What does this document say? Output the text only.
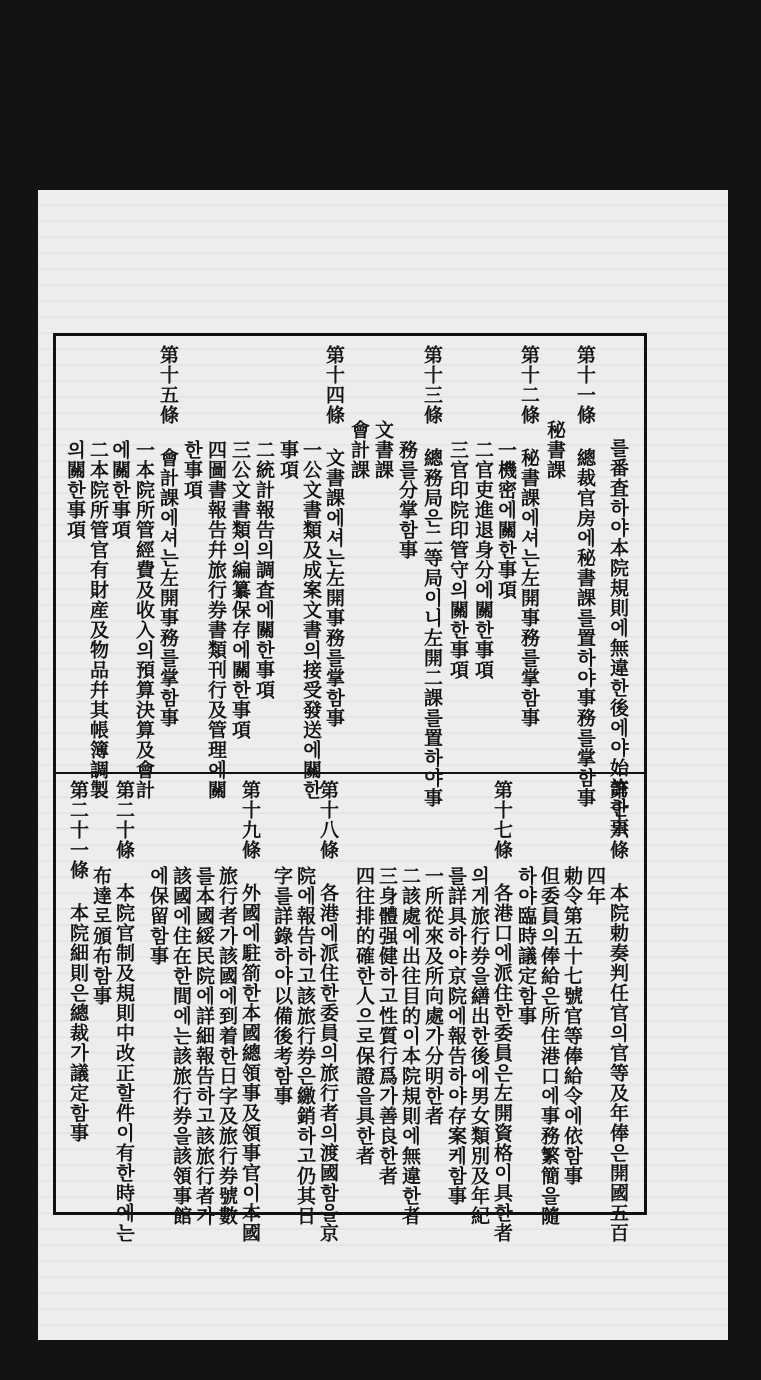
를番査하야本院規則에無違한後에야始許한事
第十一條 總裁官房에秘書課를置하야事務를掌함事
秘書課
第十二條 秘書課에셔는左開事務를掌함事
一機密에關한事項
二官吏進退身分에關한事項
三官印院印管守의關한事項
第十三條 總務局은二等局이니左開二課를置하야事
務를分掌함事
文書課
會計課
第十四條 文書課에셔는左開事務를掌함事
一公文書類及成案文書의接受發送에關한
事項
二統計報告의調査에關한事項
三公文書類의編纂保存에關한事項
四圖書報告幷旅行券書類刊行及管理에關
한事項
第十五條 會計課에셔는左開事務를掌함事
一本院所管經費及收入의預算決算及會計
에關한事項
二本院所管官有財産及物品幷其帳簿調製
의關한事項
第十六條 本院勅奏判任官의官等及年俸은開國五百
四年
勅令第五十七號官等俸給令에依함事
但委員의俸給은所住港口에事務繁簡을隨
하야臨時議定함事
第十七條 各港口에派住한委員은左開資格이具한者
의게旅行券을繕出한後에男女類別及年紀
를詳具하야京院에報告하야存案케함事
一所從來及所向處가分明한者
二該處에出往目的이本院規則에無違한者
三身體强健하고性質行爲가善良한者
四往排的確한人으로保證을具한者
第十八條 各港에派住한委員의旅行者의渡國함을京
院에報告하고該旅行券은繳銷하고仍其日
字를詳錄하야以備後考함事
第十九條 外國에駐箚한本國總領事及領事官이本國
旅行者가該國에到着한日字及旅行券號數
를本國綏民院에詳細報告하고該旅行者가
該國에住在한間에는該旅行券을該領事館
에保留함事
第二十條 本院官制及規則中改正할件이有한時에는
布達로頒布함事
第二十一條 本院細則은總裁가議定함事
